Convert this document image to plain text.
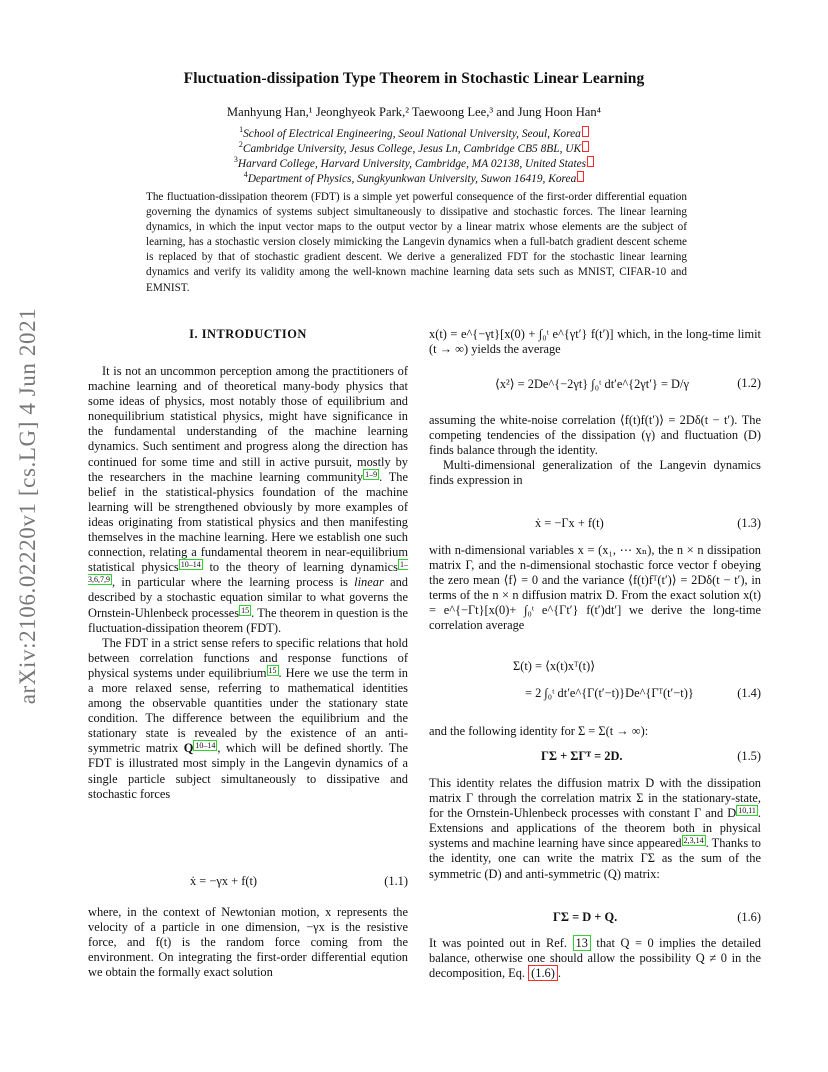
Fluctuation-dissipation Type Theorem in Stochastic Linear Learning
Manhyung Han,¹ Jeonghyeok Park,² Taewoong Lee,³ and Jung Hoon Han⁴
$^1$School of Electrical Engineering, Seoul National University, Seoul, Korea
$^2$Cambridge University, Jesus College, Jesus Ln, Cambridge CB5 8BL, UK
$^3$Harvard College, Harvard University, Cambridge, MA 02138, United States
$^4$Department of Physics, Sungkyunkwan University, Suwon 16419, Korea
The fluctuation-dissipation theorem (FDT) is a simple yet powerful consequence of the first-order differential equation governing the dynamics of systems subject simultaneously to dissipative and stochastic forces. The linear learning dynamics, in which the input vector maps to the output vector by a linear matrix whose elements are the subject of learning, has a stochastic version closely mimicking the Langevin dynamics when a full-batch gradient descent scheme is replaced by that of stochastic gradient descent. We derive a generalized FDT for the stochastic linear learning dynamics and verify its validity among the well-known machine learning data sets such as MNIST, CIFAR-10 and EMNIST.
arXiv:2106.02220v1 [cs.LG] 4 Jun 2021	I. INTRODUCTION

It is not an uncommon perception among the practitioners of machine learning and of theoretical many-body physics that some ideas of physics, most notably those of equilibrium and nonequilibrium statistical physics, might have significance in the fundamental understanding of the machine learning dynamics. Such sentiment and progress along the direction has continued for some time and still in active pursuit, mostly by the researchers in the machine learning community $^{1-9}$ . The belief in the statistical-physics foundation of the machine learning will be strengthened obviously by more examples of ideas originating from statistical physics and then manifesting themselves in the machine learning. Here we establish one such connection, relating a fundamental theorem in near-equilibrium statistical physics $^{10-14}$ to the theory of learning dynamics $^{1-3,6,7,9}$ , in particular where the learning process is linear and described by a stochastic equation similar to what governs the Ornstein-Uhlenbeck processes $^{15}$ . The theorem in question is the fluctuation-dissipation theorem (FDT).

The FDT in a strict sense refers to specific relations that hold between correlation functions and response functions of physical systems under equilibrium $^{15}$ . Here we use the term in a more relaxed sense, referring to mathematical identities among the observable quantities under the stationary state condition. The difference between the equilibrium and the stationary state is revealed by the existence of an anti-symmetric matrix Q $^{10-14}$ , which will be defined shortly. The FDT is illustrated most simply in the Langevin dynamics of a single particle subject simultaneously to dissipative and stochastic forces

ẋ = −γx + f(t)	(1.1)

where, in the context of Newtonian motion, x represents the velocity of a particle in one dimension, −γx is the resistive force, and f(t) is the random force coming from the environment. On integrating the first-order differential eqution we obtain the formally exact solution

x(t) = e^{−γt}[x(0) + ∫₀ᵗ e^{γt′} f(t′)] which, in the long-time limit (t → ∞) yields the average

⟨x²⟩ = 2De^{−2γt} ∫₀ᵗ dt′e^{2γt′} = D/γ	(1.2)

assuming the white-noise correlation ⟨f(t)f(t′)⟩ = 2Dδ(t − t′). The competing tendencies of the dissipation (γ) and fluctuation (D) finds balance through the identity.

Multi-dimensional generalization of the Langevin dynamics finds expression in

ẋ = −Γx + f(t)	(1.3)

with n-dimensional variables x = (x₁, ⋯ xₙ), the n × n dissipation matrix Γ, and the n-dimensional stochastic force vector f obeying the zero mean ⟨f⟩ = 0 and the variance ⟨f(t)fᵀ(t′)⟩ = 2Dδ(t − t′), in terms of the n × n diffusion matrix D. From the exact solution x(t) = e^{−Γt}[x(0)+ ∫₀ᵗ e^{Γt′} f(t′)dt′] we derive the long-time correlation average

Σ(t) = ⟨x(t)xᵀ(t)⟩
= 2 ∫₀ᵗ dt′e^{Γ(t′−t)}De^{Γᵀ(t′−t)}	(1.4)

and the following identity for Σ = Σ(t → ∞):

ΓΣ + ΣΓᵀ = 2D.	(1.5)

This identity relates the diffusion matrix D with the dissipation matrix Γ through the correlation matrix Σ in the stationary-state, for the Ornstein-Uhlenbeck processes with constant Γ and D $^{10,11}$ . Extensions and applications of the theorem both in physical systems and machine learning have since appeared $^{2,3,14}$ . Thanks to the identity, one can write the matrix ΓΣ as the sum of the symmetric (D) and anti-symmetric (Q) matrix:

ΓΣ = D + Q.	(1.6)

It was pointed out in Ref. 13 that Q = 0 implies the detailed balance, otherwise one should allow the possibility Q ≠ 0 in the decomposition, Eq. (1.6) .
